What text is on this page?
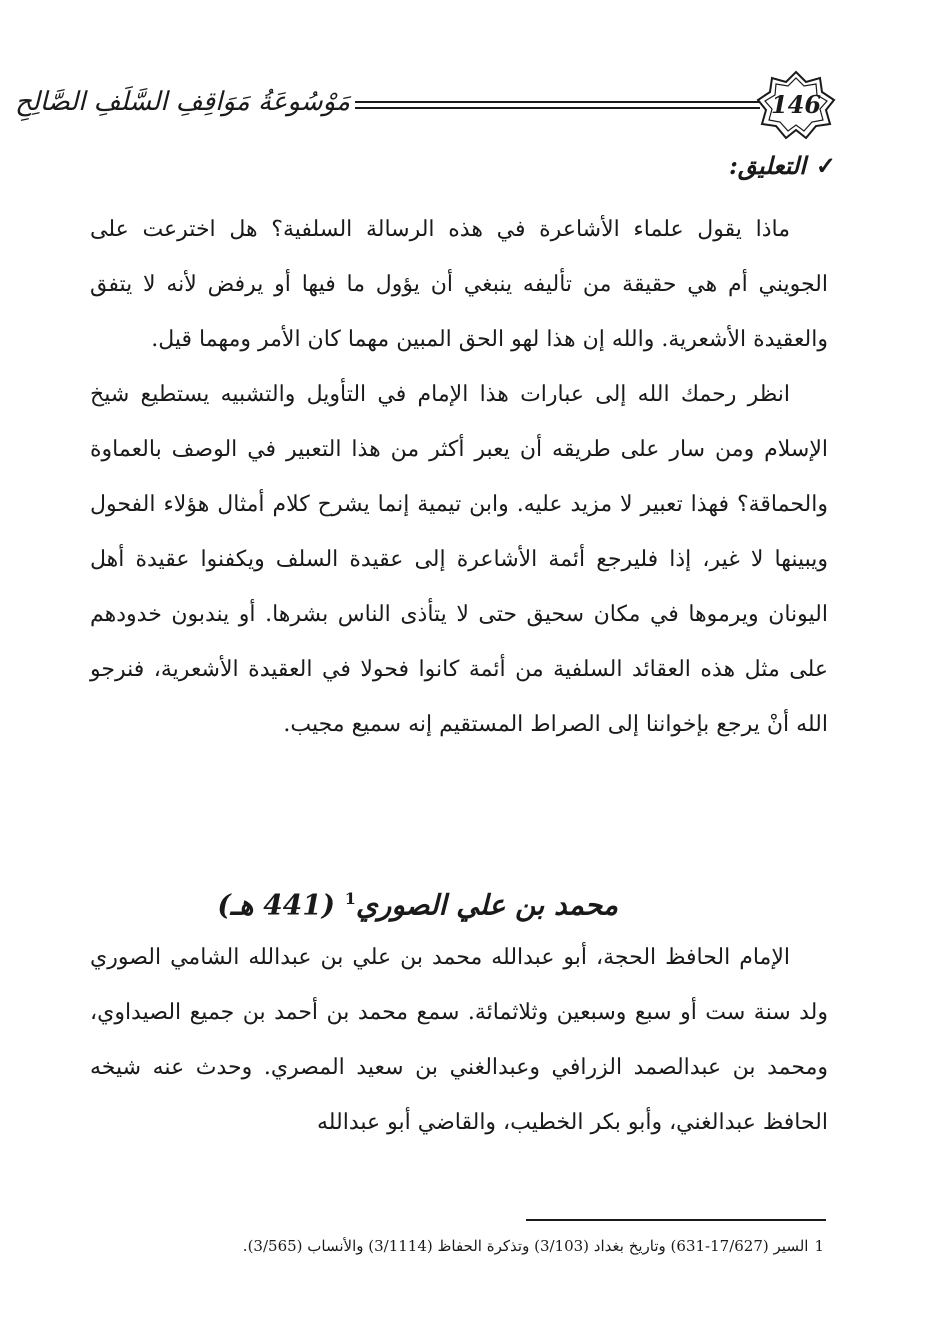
مَوْسُوعَةُ مَوَاقِفِ السَّلَفِ الصَّالِحِ	146
✓التعليق:

ماذا يقول علماء الأشاعرة في هذه الرسالة السلفية؟ هل اخترعت على الجويني أم هي حقيقة من تأليفه ينبغي أن يؤول ما فيها أو يرفض لأنه لا يتفق والعقيدة الأشعرية. والله إن هذا لهو الحق المبين مهما كان الأمر ومهما قيل.

انظر رحمك الله إلى عبارات هذا الإمام في التأويل والتشبيه يستطيع شيخ الإسلام ومن سار على طريقه أن يعبر أكثر من هذا التعبير في الوصف بالعماوة والحماقة؟ فهذا تعبير لا مزيد عليه. وابن تيمية إنما يشرح كلام أمثال هؤلاء الفحول ويبينها لا غير، إذا فليرجع أئمة الأشاعرة إلى عقيدة السلف ويكفنوا عقيدة أهل اليونان ويرموها في مكان سحيق حتى لا يتأذى الناس بشرها. أو يندبون خدودهم على مثل هذه العقائد السلفية من أئمة كانوا فحولا في العقيدة الأشعرية، فنرجو الله أنْ يرجع بإخواننا إلى الصراط المستقيم إنه سميع مجيب.

محمد بن علي الصوري$^1$ (441 هـ)

الإمام الحافظ الحجة، أبو عبدالله محمد بن علي بن عبدالله الشامي الصوري ولد سنة ست أو سبع وسبعين وثلاثمائة. سمع محمد بن أحمد بن جميع الصيداوي، ومحمد بن عبدالصمد الزرافي وعبدالغني بن سعيد المصري. وحدث عنه شيخه الحافظ عبدالغني، وأبو بكر الخطيب، والقاضي أبو عبدالله

1السير (17/627-631) وتاريخ بغداد (3/103) وتذكرة الحفاظ (3/1114) والأنساب (3/565).
